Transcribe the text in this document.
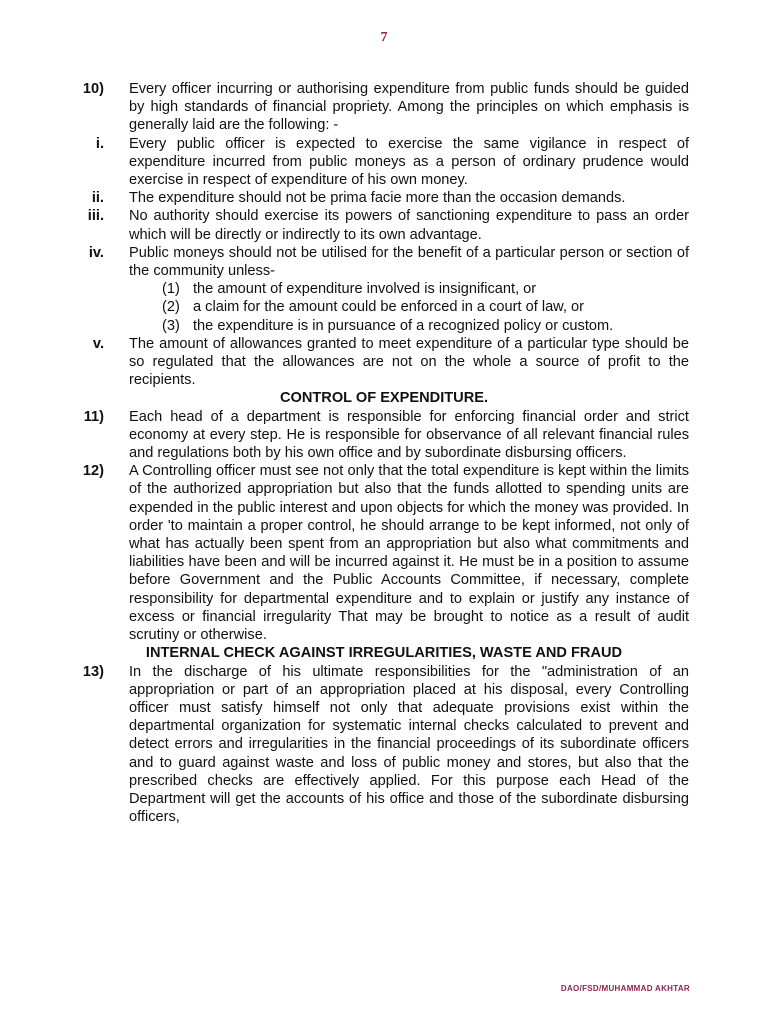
7
10) Every officer incurring or authorising expenditure from public funds should be guided by high standards of financial propriety. Among the principles on which emphasis is generally laid are the following: -
i. Every public officer is expected to exercise the same vigilance in respect of expenditure incurred from public moneys as a person of ordinary prudence would exercise in respect of expenditure of his own money.
ii. The expenditure should not be prima facie more than the occasion demands.
iii. No authority should exercise its powers of sanctioning expenditure to pass an order which will be directly or indirectly to its own advantage.
iv. Public moneys should not be utilised for the benefit of a particular person or section of the community unless-
(1) the amount of expenditure involved is insignificant, or
(2) a claim for the amount could be enforced in a court of law, or
(3) the expenditure is in pursuance of a recognized policy or custom.
v. The amount of allowances granted to meet expenditure of a particular type should be so regulated that the allowances are not on the whole a source of profit to the recipients.
CONTROL OF EXPENDITURE.
11) Each head of a department is responsible for enforcing financial order and strict economy at every step. He is responsible for observance of all relevant financial rules and regulations both by his own office and by subordinate disbursing officers.
12) A Controlling officer must see not only that the total expenditure is kept within the limits of the authorized appropriation but also that the funds allotted to spending units are expended in the public interest and upon objects for which the money was provided. In order 'to maintain a proper control, he should arrange to be kept informed, not only of what has actually been spent from an appropriation but also what commitments and liabilities have been and will be incurred against it. He must be in a position to assume before Government and the Public Accounts Committee, if necessary, complete responsibility for departmental expenditure and to explain or justify any instance of excess or financial irregularity That may be brought to notice as a result of audit scrutiny or otherwise.
INTERNAL CHECK AGAINST IRREGULARITIES, WASTE AND FRAUD
13) In the discharge of his ultimate responsibilities for the "administration of an appropriation or part of an appropriation placed at his disposal, every Controlling officer must satisfy himself not only that adequate provisions exist within the departmental organization for systematic internal checks calculated to prevent and detect errors and irregularities in the financial proceedings of its subordinate officers and to guard against waste and loss of public money and stores, but also that the prescribed checks are effectively applied. For this purpose each Head of the Department will get the accounts of his office and those of the subordinate disbursing officers,
DAO/FSD/MUHAMMAD AKHTAR
